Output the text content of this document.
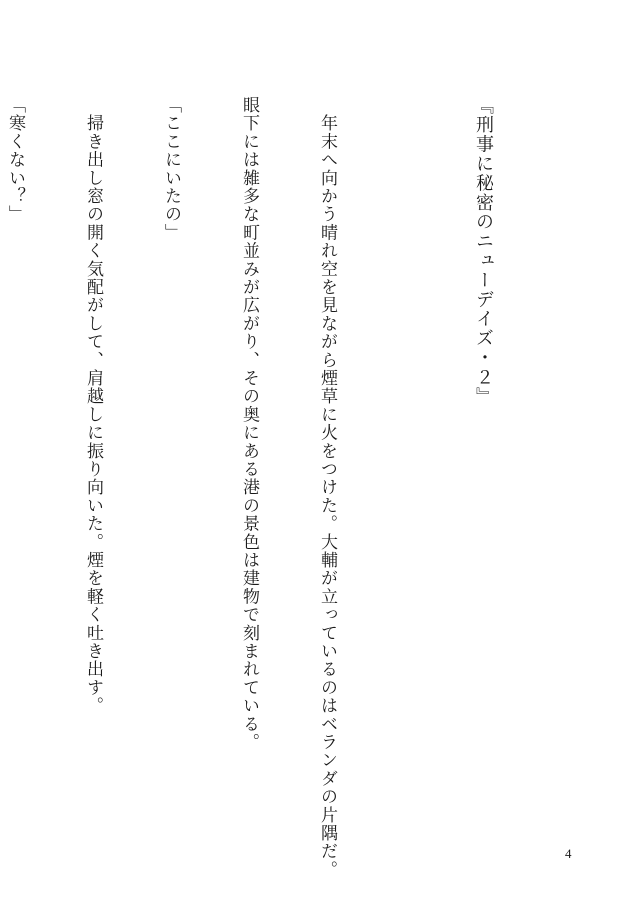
『刑事に秘密のニューデイズ・２』

　年末へ向かう晴れ空を見ながら煙草に火をつけた。大輔が立っているのはベランダの片隅だ。

眼下には雑多な町並みが広がり、その奥にある港の景色は建物で刻まれている。

「ここにいたの」

　掃き出し窓の開く気配がして、肩越しに振り向いた。煙を軽く吐き出す。

「寒くない？」

4
